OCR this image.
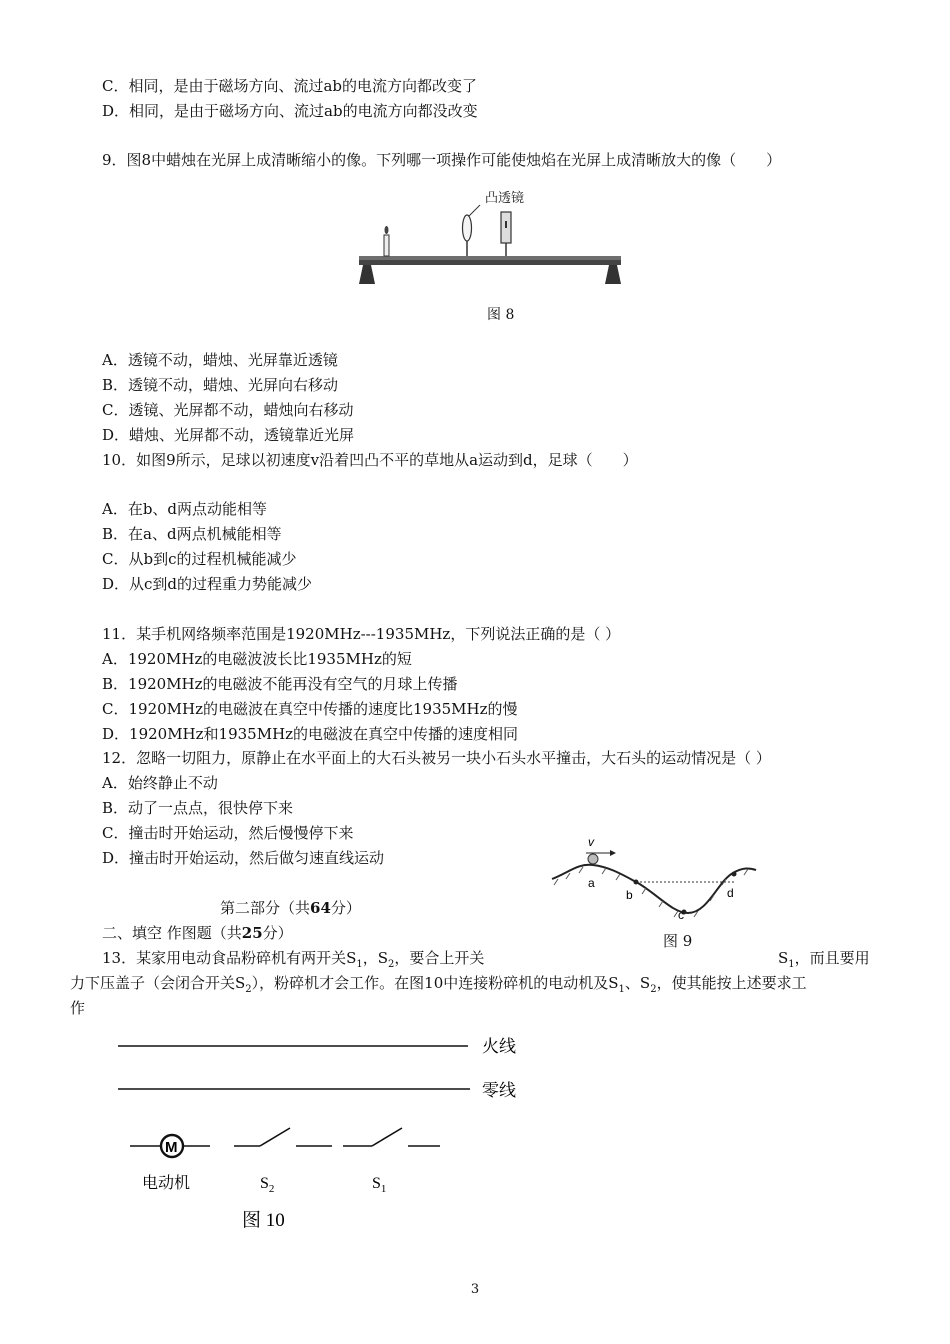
C．相同，是由于磁场方向、流过ab的电流方向都改变了
D．相同，是由于磁场方向、流过ab的电流方向都没改变
9．图8中蜡烛在光屏上成清晰缩小的像。下列哪一项操作可能使烛焰在光屏上成清晰放大的像（　　）
凸透镜
图 8
A．透镜不动，蜡烛、光屏靠近透镜
B．透镜不动，蜡烛、光屏向右移动
C．透镜、光屏都不动，蜡烛向右移动
D．蜡烛、光屏都不动，透镜靠近光屏
10．如图9所示，足球以初速度v沿着凹凸不平的草地从a运动到d，足球（　　）
A．在b、d两点动能相等
B．在a、d两点机械能相等
C．从b到c的过程机械能减少
D．从c到d的过程重力势能减少
11．某手机网络频率范围是1920MHz---1935MHz，下列说法正确的是（ ）
A．1920MHz的电磁波波长比1935MHz的短
B．1920MHz的电磁波不能再没有空气的月球上传播
C．1920MHz的电磁波在真空中传播的速度比1935MHz的慢
D．1920MHz和1935MHz的电磁波在真空中传播的速度相同
12．忽略一切阻力，原静止在水平面上的大石头被另一块小石头水平撞击，大石头的运动情况是（ ）
A．始终静止不动
B．动了一点点，很快停下来
C．撞击时开始运动，然后慢慢停下来
D．撞击时开始运动，然后做匀速直线运动
v
a
b
c
d
图 9
第二部分（共64分）
二、填空 作图题（共25分）
13．某家用电动食品粉碎机有两开关$S_1$，$S_2$，要合上开关	$S_1$，而且要用
力下压盖子（会闭合开关$S_2$），粉碎机才会工作。在图10中连接粉碎机的电动机及$S_1$、$S_2$，使其能按上述要求工
作
火线
零线
M
电动机	$S_2$	$S_1$
图 10
3
